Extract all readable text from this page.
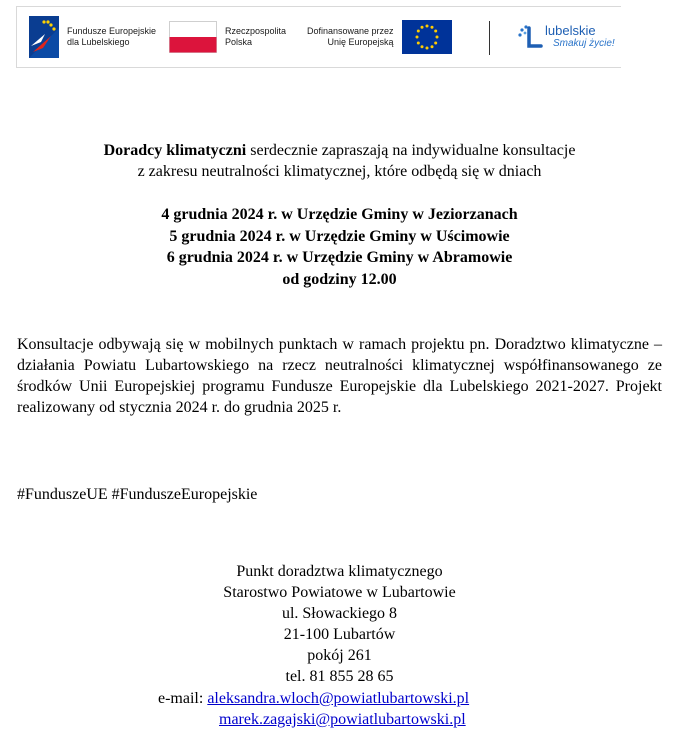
Fundusze Europejskie
dla Lubelskiego
Rzeczpospolita
Polska
Dofinansowane przez
Unię Europejską
lubelskie
Smakuj życie!
Doradcy klimatyczni serdecznie zapraszają na indywidualne konsultacje
z zakresu neutralności klimatycznej, które odbędą się w dniach
4 grudnia 2024 r. w Urzędzie Gminy w Jeziorzanach
5 grudnia 2024 r. w Urzędzie Gminy w Uścimowie
6 grudnia 2024 r. w Urzędzie Gminy w Abramowie
od godziny 12.00
Konsultacje odbywają się w mobilnych punktach w ramach projektu pn. Doradztwo klimatyczne – działania Powiatu Lubartowskiego na rzecz neutralności klimatycznej współfinansowanego ze środków Unii Europejskiej programu Fundusze Europejskie dla Lubelskiego 2021-2027. Projekt realizowany od stycznia 2024 r. do grudnia 2025 r.
#FunduszeUE #FunduszeEuropejskie
Punkt doradztwa klimatycznego
Starostwo Powiatowe w Lubartowie
ul. Słowackiego 8
21-100 Lubartów
pokój 261
tel. 81 855 28 65
e-mail: aleksandra.wloch@powiatlubartowski.pl
marek.zagajski@powiatlubartowski.pl
